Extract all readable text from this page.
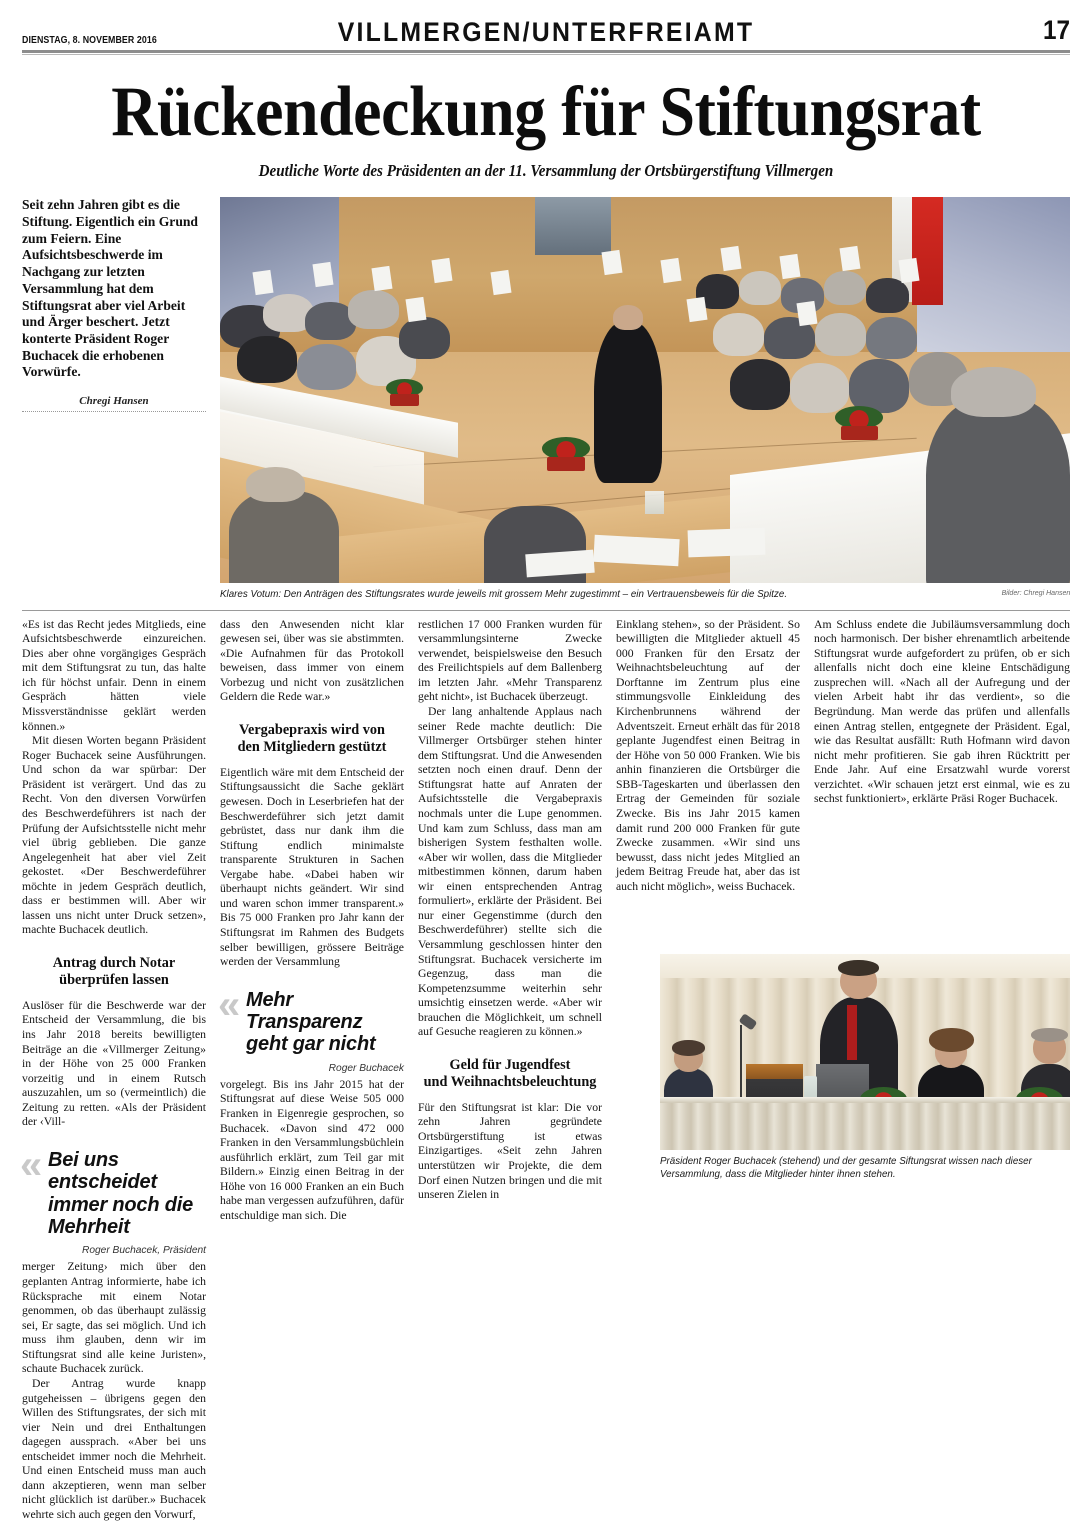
DIENSTAG, 8. NOVEMBER 2016	VILLMERGEN/UNTERFREIAMT	17
Rückendeckung für Stiftungsrat
Deutliche Worte des Präsidenten an der 11. Versammlung der Ortsbürgerstiftung Villmergen
Seit zehn Jahren gibt es die Stiftung. Eigentlich ein Grund zum Feiern. Eine Aufsichtsbeschwerde im Nachgang zur letzten Versammlung hat dem Stiftungsrat aber viel Arbeit und Ärger beschert. Jetzt konterte Präsident Roger Buchacek die erhobenen Vorwürfe.
Chregi Hansen
Klares Votum: Den Anträgen des Stiftungsrates wurde jeweils mit grossem Mehr zugestimmt – ein Vertrauensbeweis für die Spitze.	Bilder: Chregi Hansen

«Es ist das Recht jedes Mitglieds, eine Aufsichtsbeschwerde einzureichen. Dies aber ohne vorgängiges Gespräch mit dem Stiftungsrat zu tun, das halte ich für höchst unfair. Denn in einem Gespräch hätten viele Missverständnisse geklärt werden können.»

Mit diesen Worten begann Präsident Roger Buchacek seine Ausführungen. Und schon da war spürbar: Der Präsident ist verärgert. Und das zu Recht. Von den diversen Vorwürfen des Beschwerdeführers ist nach der Prüfung der Aufsichtsstelle nicht mehr viel übrig geblieben. Die ganze Angelegenheit hat aber viel Zeit gekostet. «Der Beschwerdeführer möchte in jedem Gespräch deutlich, dass er bestimmen will. Aber wir lassen uns nicht unter Druck setzen», machte Buchacek deutlich.

Antrag durch Notar
überprüfen lassen

Auslöser für die Beschwerde war der Entscheid der Versammlung, die bis ins Jahr 2018 bereits bewilligten Beiträge an die «Villmerger Zeitung» in der Höhe von 25 000 Franken vorzeitig und in einem Rutsch auszuzahlen, um so (vermeintlich) die Zeitung zu retten. «Als der Präsident der ‹Vill-

« Bei uns entscheidet immer noch die Mehrheit
Roger Buchacek, Präsident

merger Zeitung› mich über den geplanten Antrag informierte, habe ich Rücksprache mit einem Notar genommen, ob das überhaupt zulässig sei, Er sagte, das sei möglich. Und ich muss ihm glauben, denn wir im Stiftungsrat sind alle keine Juristen», schaute Buchacek zurück.

Der Antrag wurde knapp gutgeheissen – übrigens gegen den Willen des Stiftungsrates, der sich mit vier Nein und drei Enthaltungen dagegen aussprach. «Aber bei uns entscheidet immer noch die Mehrheit. Und einen Entscheid muss man auch dann akzeptieren, wenn man selber nicht glücklich ist darüber.» Buchacek wehrte sich auch gegen den Vorwurf,

dass den Anwesenden nicht klar gewesen sei, über was sie abstimmten. «Die Aufnahmen für das Protokoll beweisen, dass immer von einem Vorbezug und nicht von zusätzlichen Geldern die Rede war.»

Vergabepraxis wird von
den Mitgliedern gestützt

Eigentlich wäre mit dem Entscheid der Stiftungsaussicht die Sache geklärt gewesen. Doch in Leserbriefen hat der Beschwerdeführer sich jetzt damit gebrüstet, dass nur dank ihm die Stiftung endlich minimalste transparente Strukturen in Sachen Vergabe habe. «Dabei haben wir überhaupt nichts geändert. Wir sind und waren schon immer transparent.» Bis 75 000 Franken pro Jahr kann der Stiftungsrat im Rahmen des Budgets selber bewilligen, grössere Beiträge werden der Versammlung

« Mehr Transparenz geht gar nicht
Roger Buchacek

vorgelegt. Bis ins Jahr 2015 hat der Stiftungsrat auf diese Weise 505 000 Franken in Eigenregie gesprochen, so Buchacek. «Davon sind 472 000 Franken in den Versammlungsbüchlein ausführlich erklärt, zum Teil gar mit Bildern.» Einzig einen Beitrag in der Höhe von 16 000 Franken an ein Buch habe man vergessen aufzuführen, dafür entschuldige man sich. Die

restlichen 17 000 Franken wurden für versammlungsinterne Zwecke verwendet, beispielsweise den Besuch des Freilichtspiels auf dem Ballenberg im letzten Jahr. «Mehr Transparenz geht nicht», ist Buchacek überzeugt.

Der lang anhaltende Applaus nach seiner Rede machte deutlich: Die Villmerger Ortsbürger stehen hinter dem Stiftungsrat. Und die Anwesenden setzten noch einen drauf. Denn der Stiftungsrat hatte auf Anraten der Aufsichtsstelle die Vergabepraxis nochmals unter die Lupe genommen. Und kam zum Schluss, dass man am bisherigen System festhalten wolle. «Aber wir wollen, dass die Mitglieder mitbestimmen können, darum haben wir einen entsprechenden Antrag formuliert», erklärte der Präsident. Bei nur einer Gegenstimme (durch den Beschwerdeführer) stellte sich die Versammlung geschlossen hinter den Stiftungsrat. Buchacek versicherte im Gegenzug, dass man die Kompetenzsumme weiterhin sehr umsichtig einsetzen werde. «Aber wir brauchen die Möglichkeit, um schnell auf Gesuche reagieren zu können.»

Geld für Jugendfest
und Weihnachtsbeleuchtung

Für den Stiftungsrat ist klar: Die vor zehn Jahren gegründete Ortsbürgerstiftung ist etwas Einzigartiges. «Seit zehn Jahren unterstützen wir Projekte, die dem Dorf einen Nutzen bringen und die mit unseren Zielen in

Einklang stehen», so der Präsident. So bewilligten die Mitglieder aktuell 45 000 Franken für den Ersatz der Weihnachtsbeleuchtung auf der Dorftanne im Zentrum plus eine stimmungsvolle Einkleidung des Kirchenbrunnens während der Adventszeit. Erneut erhält das für 2018 geplante Jugendfest einen Beitrag in der Höhe von 50 000 Franken. Wie bis anhin finanzieren die Ortsbürger die SBB-Tageskarten und überlassen den Ertrag der Gemeinden für soziale Zwecke. Bis ins Jahr 2015 kamen damit rund 200 000 Franken für gute Zwecke zusammen. «Wir sind uns bewusst, dass nicht jedes Mitglied an jedem Beitrag Freude hat, aber das ist auch nicht möglich», weiss Buchacek.

Am Schluss endete die Jubiläumsversammlung doch noch harmonisch. Der bisher ehrenamtlich arbeitende Stiftungsrat wurde aufgefordert zu prüfen, ob er sich allenfalls nicht doch eine kleine Entschädigung zusprechen will. «Nach all der Aufregung und der vielen Arbeit habt ihr das verdient», so die Begründung. Man werde das prüfen und allenfalls einen Antrag stellen, entgegnete der Präsident. Egal, wie das Resultat ausfällt: Ruth Hofmann wird davon nicht mehr profitieren. Sie gab ihren Rücktritt per Ende Jahr. Auf eine Ersatzwahl wurde vorerst verzichtet. «Wir schauen jetzt erst einmal, wie es zu sechst funktioniert», erklärte Präsi Roger Buchacek.

Präsident Roger Buchacek (stehend) und der gesamte Siftungsrat wissen nach dieser Versammlung, dass die Mitglieder hinter ihnen stehen.
